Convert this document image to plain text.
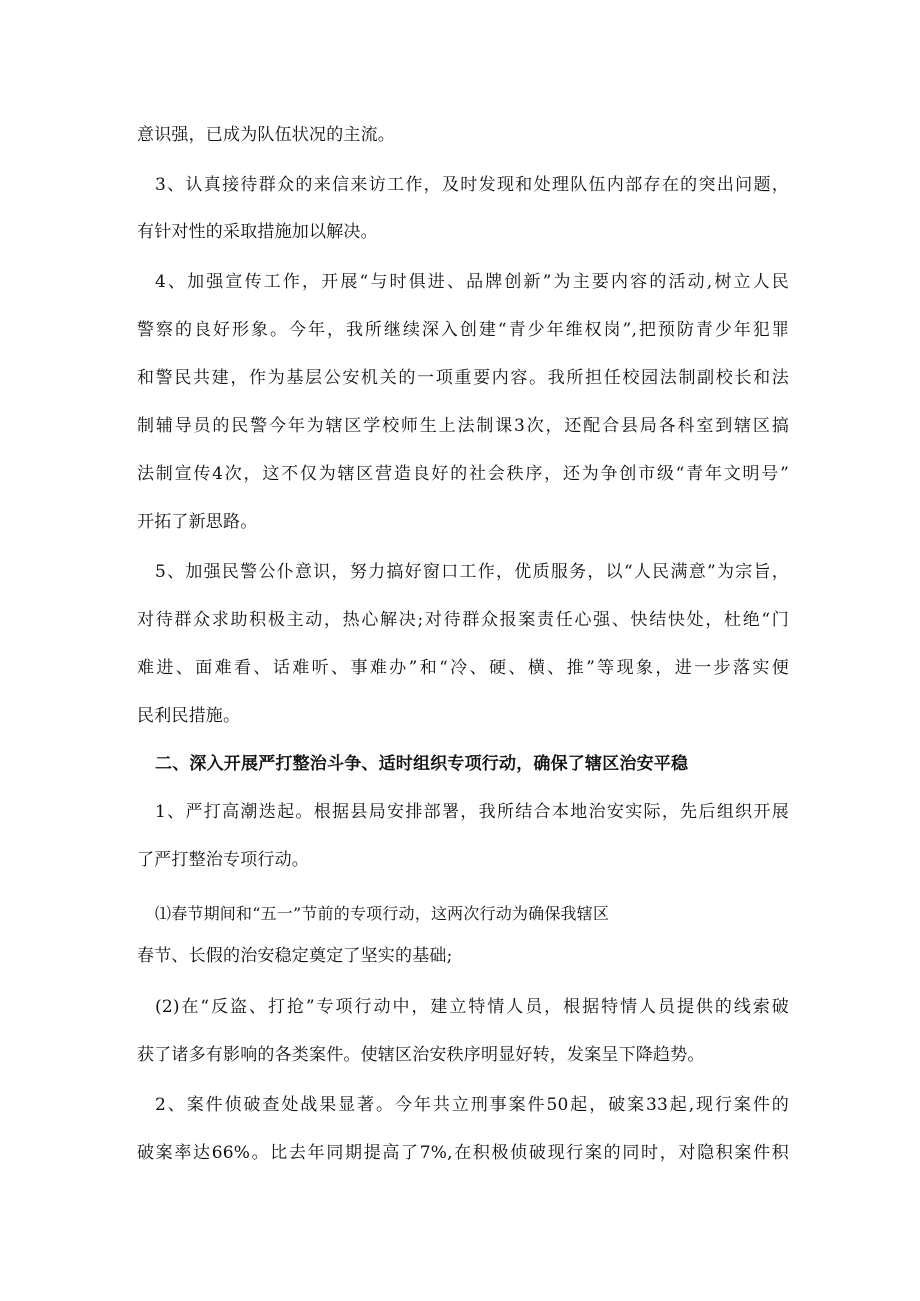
意识强，已成为队伍状况的主流。
3、认真接待群众的来信来访工作，及时发现和处理队伍内部存在的突出问题，
有针对性的采取措施加以解决。
4、加强宣传工作，开展“与时俱进、品牌创新”为主要内容的活动,树立人民
警察的良好形象。今年，我所继续深入创建“青少年维权岗”,把预防青少年犯罪
和警民共建，作为基层公安机关的一项重要内容。我所担任校园法制副校长和法
制辅导员的民警今年为辖区学校师生上法制课3次，还配合县局各科室到辖区搞
法制宣传4次，这不仅为辖区营造良好的社会秩序，还为争创市级“青年文明号”
开拓了新思路。
5、加强民警公仆意识，努力搞好窗口工作，优质服务，以“人民满意”为宗旨，
对待群众求助积极主动，热心解决;对待群众报案责任心强、快结快处，杜绝“门
难进、面难看、话难听、事难办”和“冷、硬、横、推”等现象，进一步落实便
民利民措施。
二、深入开展严打整治斗争、适时组织专项行动，确保了辖区治安平稳
1、严打高潮迭起。根据县局安排部署，我所结合本地治安实际，先后组织开展
了严打整治专项行动。
⑴春节期间和“五一”节前的专项行动，这两次行动为确保我辖区
春节、长假的治安稳定奠定了坚实的基础;
(2)在“反盗、打抢”专项行动中，建立特情人员，根据特情人员提供的线索破
获了诸多有影响的各类案件。使辖区治安秩序明显好转，发案呈下降趋势。
2、案件侦破查处战果显著。今年共立刑事案件50起，破案33起,现行案件的
破案率达66%。比去年同期提高了7%,在积极侦破现行案的同时，对隐积案件积
